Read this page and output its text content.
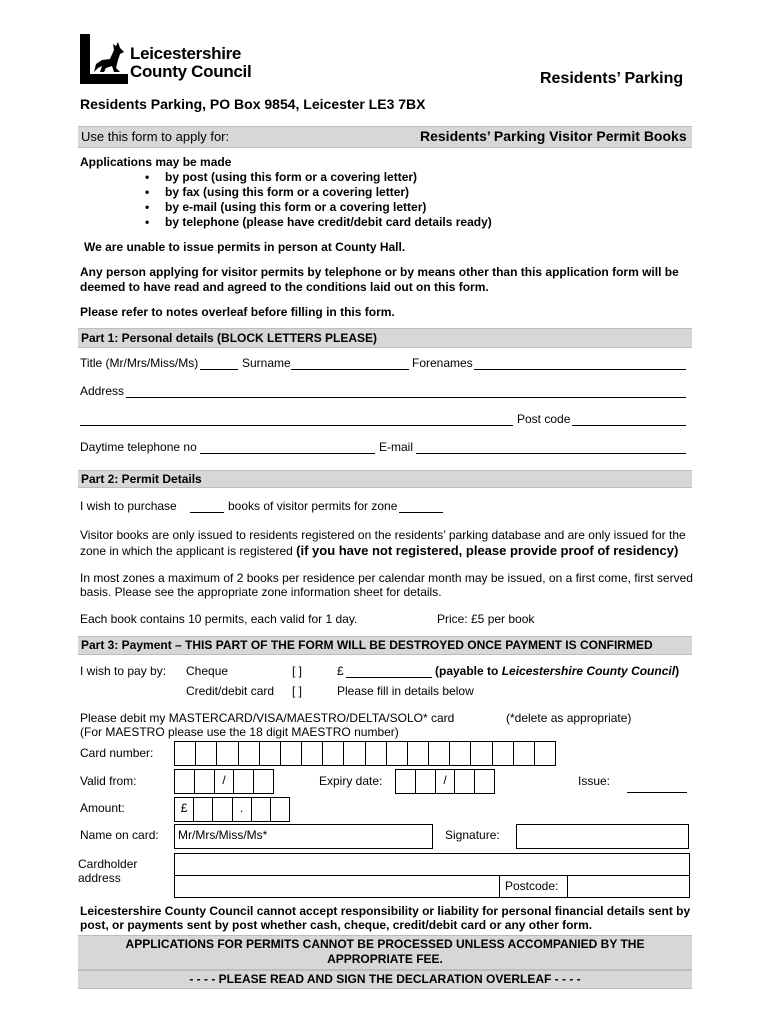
Leicestershire
County Council	Residents’ Parking
Residents Parking, PO Box 9854, Leicester LE3 7BX
Use this form to apply for:	Residents’ Parking Visitor Permit Books
Applications may be made
• by post (using this form or a covering letter)
• by fax (using this form or a covering letter)
• by e-mail (using this form or a covering letter)
• by telephone (please have credit/debit card details ready)
We are unable to issue permits in person at County Hall.
Any person applying for visitor permits by telephone or by means other than this application form will be
deemed to have read and agreed to the conditions laid out on this form.
Please refer to notes overleaf before filling in this form.
Part 1: Personal details (BLOCK LETTERS PLEASE)
Title (Mr/Mrs/Miss/Ms)	Surname	Forenames
Address
Post code
Daytime telephone no	E-mail
Part 2: Permit Details
I wish to purchase	books of visitor permits for zone
Visitor books are only issued to residents registered on the residents’ parking database and are only issued for the
zone in which the applicant is registered (if you have not registered, please provide proof of residency)
In most zones a maximum of 2 books per residence per calendar month may be issued, on a first come, first served
basis. Please see the appropriate zone information sheet for details.
Each book contains 10 permits, each valid for 1 day.	Price: £5 per book
Part 3: Payment – THIS PART OF THE FORM WILL BE DESTROYED ONCE PAYMENT IS CONFIRMED
I wish to pay by: Cheque	[ ]	£	(payable to Leicestershire County Council)
Credit/debit card [ ]	Please fill in details below
Please debit my MASTERCARD/VISA/MAESTRO/DELTA/SOLO* card	(*delete as appropriate)
(For MAESTRO please use the 18 digit MAESTRO number)
Card number:
Valid from:	/	Expiry date:	/	Issue:
Amount:	£	.
Name on card: Mr/Mrs/Miss/Ms*	Signature:
Cardholder
address
Postcode:
Leicestershire County Council cannot accept responsibility or liability for personal financial details sent by
post, or payments sent by post whether cash, cheque, credit/debit card or any other form.
APPLICATIONS FOR PERMITS CANNOT BE PROCESSED UNLESS ACCOMPANIED BY THE
APPROPRIATE FEE.
- - - - PLEASE READ AND SIGN THE DECLARATION OVERLEAF - - - -
